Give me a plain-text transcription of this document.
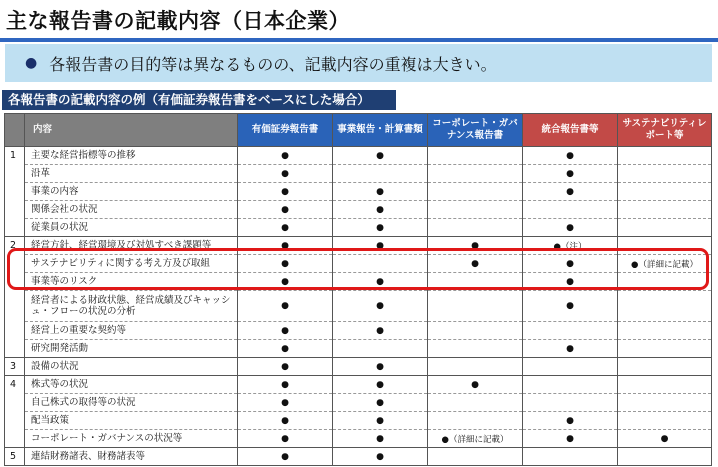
主な報告書の記載内容（日本企業）
● 各報告書の目的等は異なるものの、記載内容の重複は大きい。
各報告書の記載内容の例（有価証券報告書をベースにした場合）
	内容	有価証券報告書	事業報告・計算書類	コーポレート・ガバナンス報告書	統合報告書等	サステナビリティレポート等
1	主要な経営指標等の推移	●	●		●	
	沿革	●			●	
	事業の内容	●	●		●	
	関係会社の状況	●	●			
	従業員の状況	●	●		●	
2	経営方針、経営環境及び対処すべき課題等	●	●	●	●（注）	
	サステナビリティに関する考え方及び取組	●		●	●	●（詳細に記載）
	事業等のリスク	●	●		●	
	経営者による財政状態、経営成績及びキャッシュ・フローの状況の分析	●	●		●	
	経営上の重要な契約等	●	●			
	研究開発活動	●			●	
3	設備の状況	●	●			
4	株式等の状況	●	●	●		
	自己株式の取得等の状況	●	●			
	配当政策	●	●		●	
	コーポレート・ガバナンスの状況等	●	●	●（詳細に記載）	●	●
5	連結財務諸表、財務諸表等	●	●			
